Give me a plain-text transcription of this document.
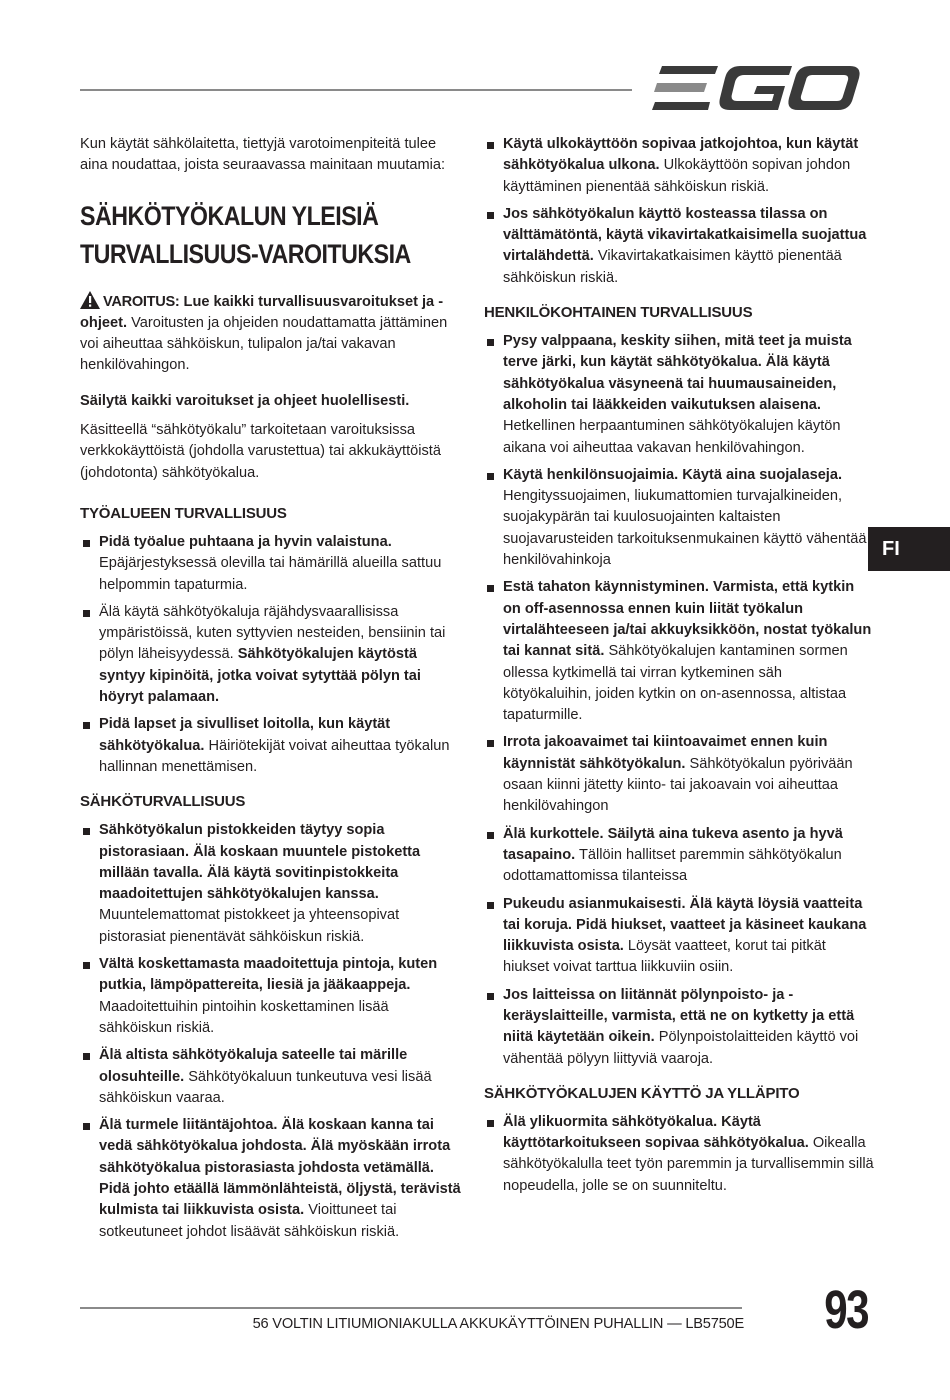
Kun käytät sähkölaitetta, tiettyjä varotoimenpiteitä tulee aina noudattaa, joista seuraavassa mainitaan muutamia:

SÄHKÖTYÖKALUN YLEISIÄ TURVALLISUUS-VAROITUKSIA

VAROITUS: Lue kaikki turvallisuusvaroitukset ja -ohjeet. Varoitusten ja ohjeiden noudattamatta jättäminen voi aiheuttaa sähköiskun, tulipalon ja/tai vakavan henkilövahingon.

Säilytä kaikki varoitukset ja ohjeet huolellisesti.

Käsitteellä “sähkötyökalu” tarkoitetaan varoituksissa verkkokäyttöistä (johdolla varustettua) tai akkukäyttöistä (johdotonta) sähkötyökalua.

TYÖALUEEN TURVALLISUUS
Pidä työalue puhtaana ja hyvin valaistuna. Epäjärjestyksessä olevilla tai hämärillä alueilla sattuu helpommin tapaturmia.
Älä käytä sähkötyökaluja räjähdysvaarallisissa ympäristöissä, kuten syttyvien nesteiden, bensiinin tai pölyn läheisyydessä. Sähkötyökalujen käytöstä syntyy kipinöitä, jotka voivat sytyttää pölyn tai höyryt palamaan.
Pidä lapset ja sivulliset loitolla, kun käytät sähkötyökalua. Häiriötekijät voivat aiheuttaa työkalun hallinnan menettämisen.
SÄHKÖTURVALLISUUS
Sähkötyökalun pistokkeiden täytyy sopia pistorasiaan. Älä koskaan muuntele pistoketta millään tavalla. Älä käytä sovitinpistokkeita maadoitettujen sähkötyökalujen kanssa. Muuntelemattomat pistokkeet ja yhteensopivat pistorasiat pienentävät sähköiskun riskiä.
Vältä koskettamasta maadoitettuja pintoja, kuten putkia, lämpöpattereita, liesiä ja jääkaappeja. Maadoitettuihin pintoihin koskettaminen lisää sähköiskun riskiä.
Älä altista sähkötyökaluja sateelle tai märille olosuhteille. Sähkötyökaluun tunkeutuva vesi lisää sähköiskun vaaraa.
Älä turmele liitäntäjohtoa. Älä koskaan kanna tai vedä sähkötyökalua johdosta. Älä myöskään irrota sähkötyökalua pistorasiasta johdosta vetämällä. Pidä johto etäällä lämmönlähteistä, öljystä, terävistä kulmista tai liikkuvista osista. Vioittuneet tai sotkeutuneet johdot lisäävät sähköiskun riskiä.
Käytä ulkokäyttöön sopivaa jatkojohtoa, kun käytät sähkötyökalua ulkona. Ulkokäyttöön sopivan johdon käyttäminen pienentää sähköiskun riskiä.
Jos sähkötyökalun käyttö kosteassa tilassa on välttämätöntä, käytä vikavirtakatkaisimella suojattua virtalähdettä. Vikavirtakatkaisimen käyttö pienentää sähköiskun riskiä.
HENKILÖKOHTAINEN TURVALLISUUS
Pysy valppaana, keskity siihen, mitä teet ja muista terve järki, kun käytät sähkötyökalua. Älä käytä sähkötyökalua väsyneenä tai huumausaineiden, alkoholin tai lääkkeiden vaikutuksen alaisena. Hetkellinen herpaantuminen sähkötyökalujen käytön aikana voi aiheuttaa vakavan henkilövahingon.
Käytä henkilönsuojaimia. Käytä aina suojalaseja. Hengityssuojaimen, liukumattomien turvajalkineiden, suojakypärän tai kuulosuojainten kaltaisten suojavarusteiden tarkoituksenmukainen käyttö vähentää henkilövahinkoja
Estä tahaton käynnistyminen. Varmista, että kytkin on off-asennossa ennen kuin liität työkalun virtalähteeseen ja/tai akkuyksikköön, nostat työkalun tai kannat sitä. Sähkötyökalujen kantaminen sormen ollessa kytkimellä tai virran kytkeminen säh kötyökaluihin, joiden kytkin on on-asennossa, altistaa tapaturmille.
Irrota jakoavaimet tai kiintoavaimet ennen kuin käynnistät sähkötyökalun. Sähkötyökalun pyörivään osaan kiinni jätetty kiinto- tai jakoavain voi aiheuttaa henkilövahingon
Älä kurkottele. Säilytä aina tukeva asento ja hyvä tasapaino. Tällöin hallitset paremmin sähkötyökalun odottamattomissa tilanteissa
Pukeudu asianmukaisesti. Älä käytä löysiä vaatteita tai koruja. Pidä hiukset, vaatteet ja käsineet kaukana liikkuvista osista. Löysät vaatteet, korut tai pitkät hiukset voivat tarttua liikkuviin osiin.
Jos laitteissa on liitännät pölynpoisto- ja -keräyslaitteille, varmista, että ne on kytketty ja että niitä käytetään oikein. Pölynpoistolaitteiden käyttö voi vähentää pölyyn liittyviä vaaroja.
SÄHKÖTYÖKALUJEN KÄYTTÖ JA YLLÄPITO
Älä ylikuormita sähkötyökalua. Käytä käyttötarkoitukseen sopivaa sähkötyökalua. Oikealla sähkötyökalulla teet työn paremmin ja turvallisemmin sillä nopeudella, jolle se on suunniteltu.
FI
56 VOLTIN LITIUMIONIAKULLA AKKUKÄYTTÖINEN PUHALLIN — LB5750E 93
